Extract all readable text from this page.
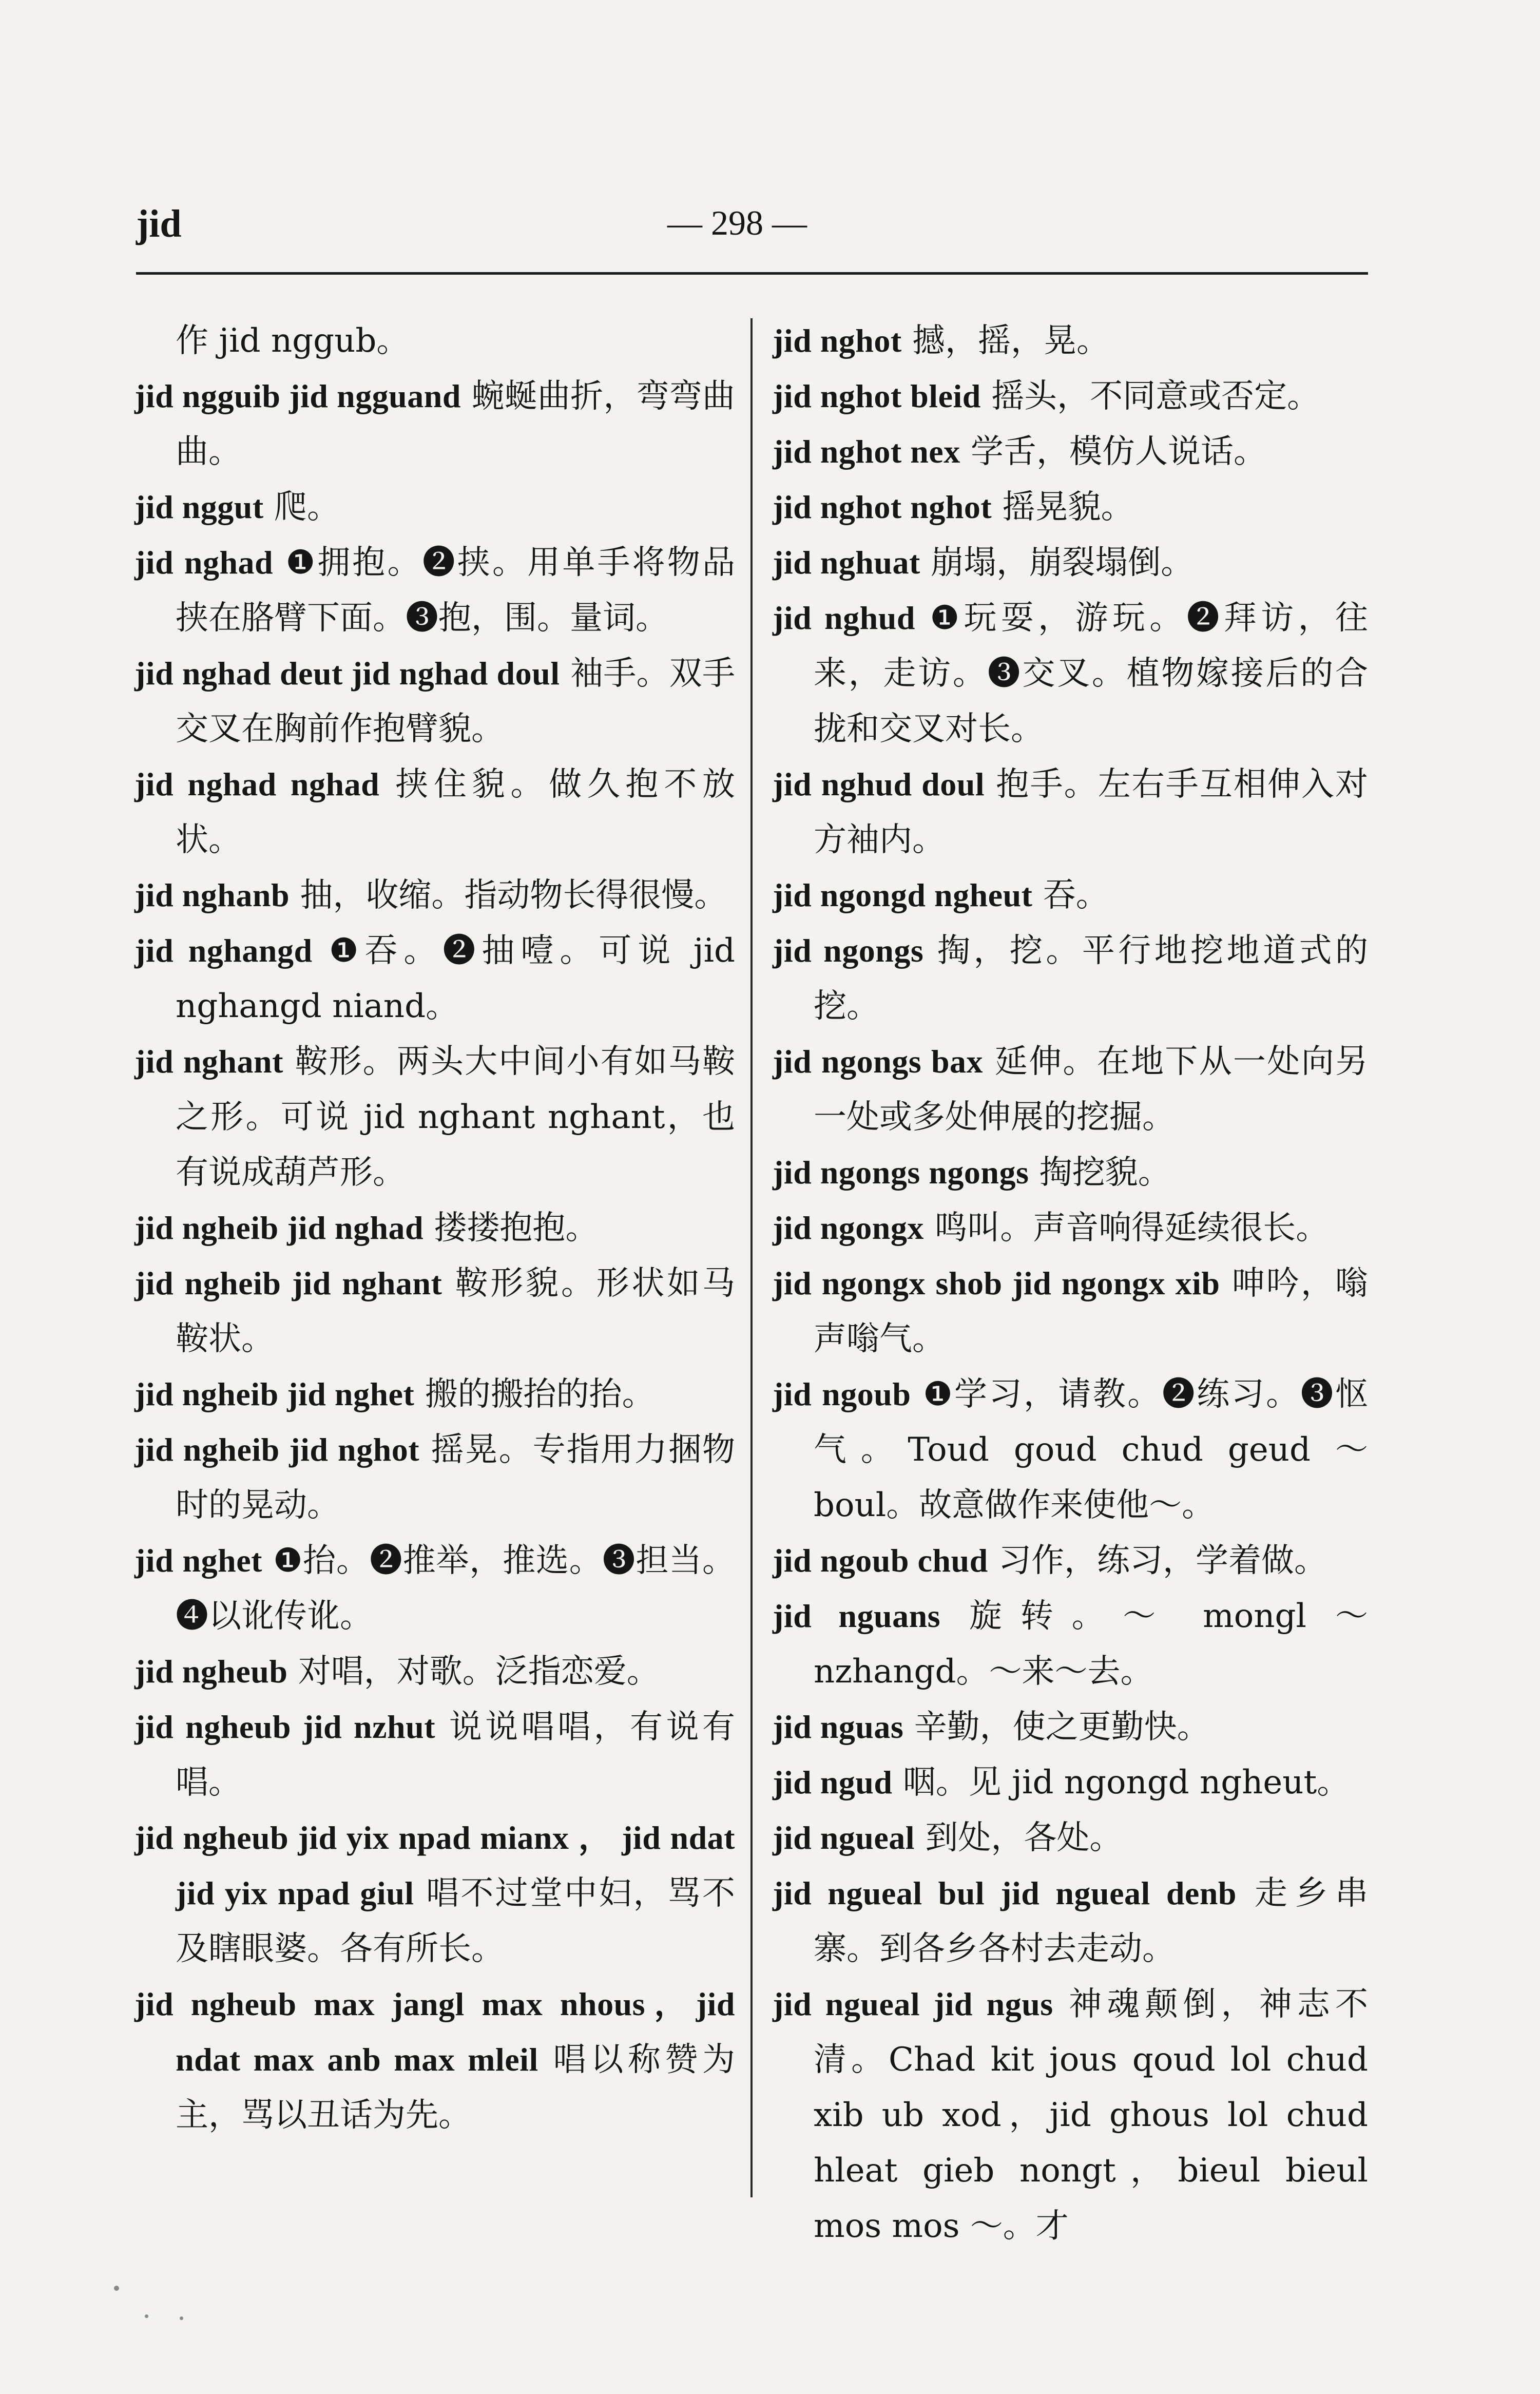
jid	— 298 —

作 jid nggub。

jid ngguib jid ngguand 蜿蜒曲折，弯弯曲曲。

jid nggut 爬。

jid nghad ❶拥抱。❷挟。用单手将物品挟在胳臂下面。❸抱，围。量词。

jid nghad deut jid nghad doul 袖手。双手交叉在胸前作抱臂貌。

jid nghad nghad 挟住貌。做久抱不放状。

jid nghanb 抽，收缩。指动物长得很慢。

jid nghangd ❶吞。❷抽噎。可说 jid nghangd niand。

jid nghant 鞍形。两头大中间小有如马鞍之形。可说 jid nghant nghant，也有说成葫芦形。

jid ngheib jid nghad 搂搂抱抱。

jid ngheib jid nghant 鞍形貌。形状如马鞍状。

jid ngheib jid nghet 搬的搬抬的抬。

jid ngheib jid nghot 摇晃。专指用力捆物时的晃动。

jid nghet ❶抬。❷推举，推选。❸担当。❹以讹传讹。

jid ngheub 对唱，对歌。泛指恋爱。

jid ngheub jid nzhut 说说唱唱，有说有唱。

jid ngheub jid yix npad mianx ， jid ndat jid yix npad giul 唱不过堂中妇，骂不及瞎眼婆。各有所长。

jid ngheub max jangl max nhous，jid ndat max anb max mleil 唱以称赞为主，骂以丑话为先。

jid nghot 撼，摇，晃。

jid nghot bleid 摇头，不同意或否定。

jid nghot nex 学舌，模仿人说话。

jid nghot nghot 摇晃貌。

jid nghuat 崩塌，崩裂塌倒。

jid nghud ❶玩耍，游玩。❷拜访，往来，走访。❸交叉。植物嫁接后的合拢和交叉对长。

jid nghud doul 抱手。左右手互相伸入对方袖内。

jid ngongd ngheut 吞。

jid ngongs 掏，挖。平行地挖地道式的挖。

jid ngongs bax 延伸。在地下从一处向另一处或多处伸展的挖掘。

jid ngongs ngongs 掏挖貌。

jid ngongx 鸣叫。声音响得延续很长。

jid ngongx shob jid ngongx xib 呻吟，嗡声嗡气。

jid ngoub ❶学习，请教。❷练习。❸怄气。Toud goud chud geud ～ boul。故意做作来使他～。

jid ngoub chud 习作，练习，学着做。

jid nguans 旋转。～ mongl ～ nzhangd。～来～去。

jid nguas 辛勤，使之更勤快。

jid ngud 咽。见 jid ngongd ngheut。

jid ngueal 到处，各处。

jid ngueal bul jid ngueal denb 走乡串寨。到各乡各村去走动。

jid ngueal jid ngus 神魂颠倒，神志不清。Chad kit jous qoud lol chud xib ub xod，jid ghous lol chud hleat gieb nongt，bieul bieul mos mos ～。才
